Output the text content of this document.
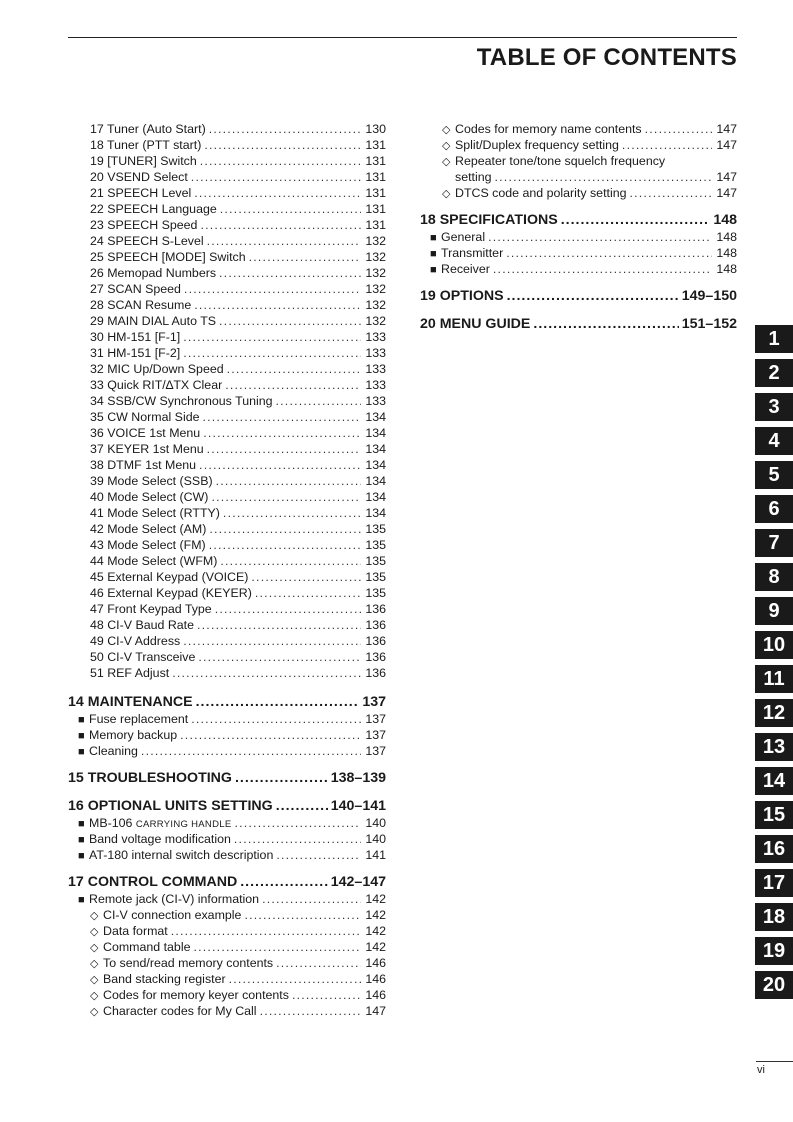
TABLE OF CONTENTS
17 Tuner (Auto Start) .....	130
18 Tuner (PTT start) .....	131
19 [TUNER] Switch .....	131
20 VSEND Select .....	131
21 SPEECH Level .....	131
22 SPEECH Language .....	131
23 SPEECH Speed .....	131
24 SPEECH S-Level .....	132
25 SPEECH [MODE] Switch .....	132
26 Memopad Numbers .....	132
27 SCAN Speed .....	132
28 SCAN Resume .....	132
29 MAIN DIAL Auto TS .....	132
30 HM-151 [F-1] .....	133
31 HM-151 [F-2] .....	133
32 MIC Up/Down Speed .....	133
33 Quick RIT/∆TX Clear .....	133
34 SSB/CW Synchronous Tuning .....	133
35 CW Normal Side .....	134
36 VOICE 1st Menu .....	134
37 KEYER 1st Menu .....	134
38 DTMF 1st Menu .....	134
39 Mode Select (SSB) .....	134
40 Mode Select (CW) .....	134
41 Mode Select (RTTY) .....	134
42 Mode Select (AM) .....	135
43 Mode Select (FM) .....	135
44 Mode Select (WFM) .....	135
45 External Keypad (VOICE) .....	135
46 External Keypad (KEYER) .....	135
47 Front Keypad Type .....	136
48 CI-V Baud Rate .....	136
49 CI-V Address .....	136
50 CI-V Transceive .....	136
51 REF Adjust .....	136
14 MAINTENANCE .....	137
■ Fuse replacement .....	137
■ Memory backup .....	137
■ Cleaning .....	137
15 TROUBLESHOOTING .....	138–139
16 OPTIONAL UNITS SETTING .....	140–141
■ MB-106 CARRYING HANDLE .....	140
■ Band voltage modification .....	140
■ AT-180 internal switch description .....	141
17 CONTROL COMMAND .....	142–147
■ Remote jack (CI-V) information .....	142
◇ CI-V connection example .....	142
◇ Data format .....	142
◇ Command table .....	142
◇ To send/read memory contents .....	146
◇ Band stacking register .....	146
◇ Codes for memory keyer contents .....	146
◇ Character codes for My Call .....	147
◇ Codes for memory name contents .....	147
◇ Split/Duplex frequency setting .....	147
◇ Repeater tone/tone squelch frequency
setting .....	147
◇ DTCS code and polarity setting .....	147
18 SPECIFICATIONS .....	148
■ General .....	148
■ Transmitter .....	148
■ Receiver .....	148
19 OPTIONS .....	149–150
20 MENU GUIDE .....	151–152
1
2
3
4
5
6
7
8
9
10
11
12
13
14
15
16
17
18
19
20
vi
